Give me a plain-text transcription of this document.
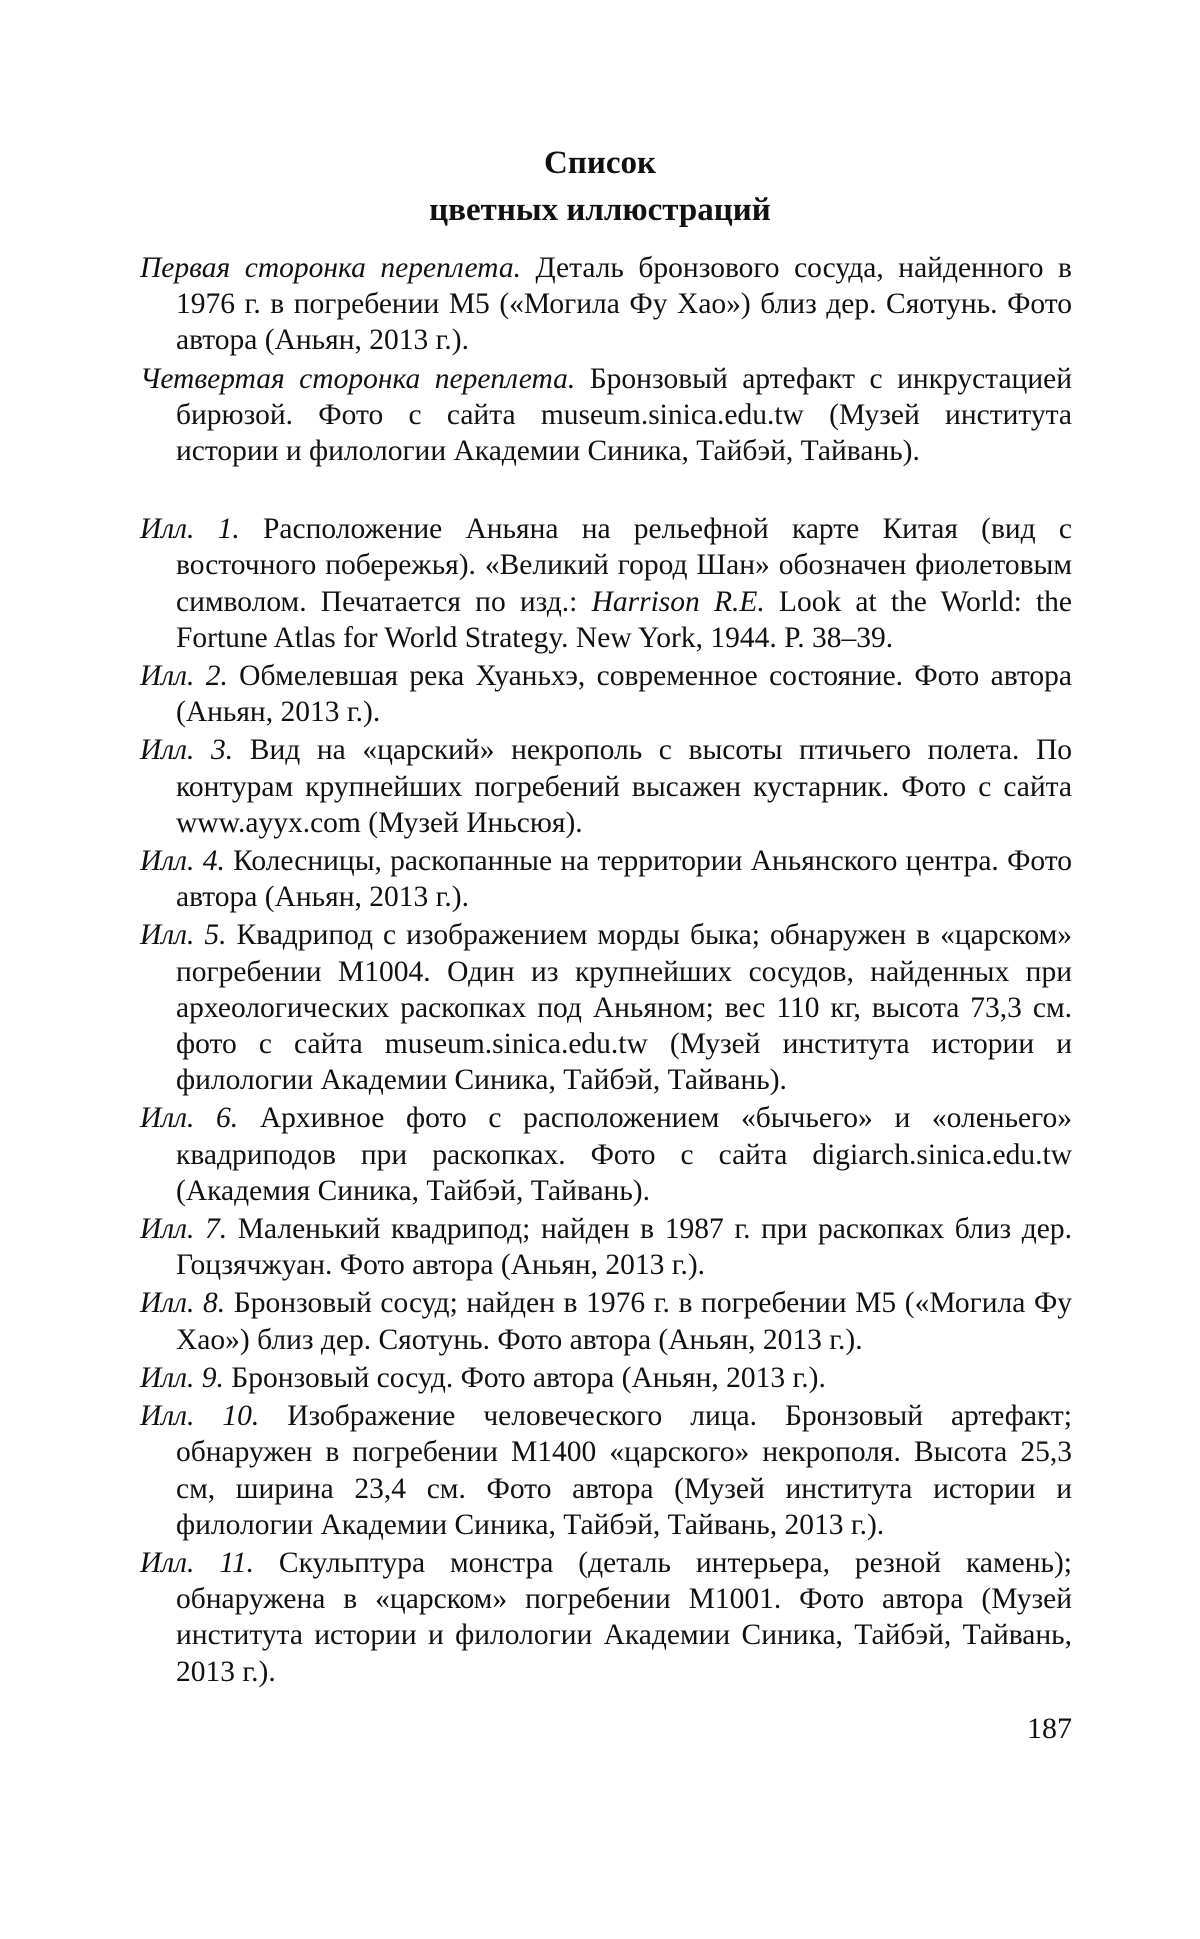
Список
цветных иллюстраций

Первая сторонка переплета. Деталь бронзового сосуда, найденного в 1976 г. в погребении M5 («Могила Фу Хао») близ дер. Сяотунь. Фото автора (Аньян, 2013 г.).

Четвертая сторонка переплета. Бронзовый артефакт с инкрустацией бирюзой. Фото с сайта museum.sinica.edu.tw (Музей института истории и филологии Академии Синика, Тайбэй, Тайвань).

Илл. 1. Расположение Аньяна на рельефной карте Китая (вид с восточного побережья). «Великий город Шан» обозначен фиолетовым символом. Печатается по изд.: Harrison R.E. Look at the World: the Fortune Atlas for World Strategy. New York, 1944. P. 38–39.

Илл. 2. Обмелевшая река Хуаньхэ, современное состояние. Фото автора (Аньян, 2013 г.).

Илл. 3. Вид на «царский» некрополь с высоты птичьего полета. По контурам крупнейших погребений высажен кустарник. Фото с сайта www.ayyx.com (Музей Иньсюя).

Илл. 4. Колесницы, раскопанные на территории Аньянского центра. Фото автора (Аньян, 2013 г.).

Илл. 5. Квадрипод с изображением морды быка; обнаружен в «царском» погребении M1004. Один из крупнейших сосудов, найденных при археологических раскопках под Аньяном; вес 110 кг, высота 73,3 см. фото с сайта museum.sinica.edu.tw (Музей института истории и филологии Академии Синика, Тайбэй, Тайвань).

Илл. 6. Архивное фото с расположением «бычьего» и «оленьего» квадриподов при раскопках. Фото с сайта digiarch.sinica.edu.tw (Академия Синика, Тайбэй, Тайвань).

Илл. 7. Маленький квадрипод; найден в 1987 г. при раскопках близ дер. Гоцзячжуан. Фото автора (Аньян, 2013 г.).

Илл. 8. Бронзовый сосуд; найден в 1976 г. в погребении M5 («Могила Фу Хао») близ дер. Сяотунь. Фото автора (Аньян, 2013 г.).

Илл. 9. Бронзовый сосуд. Фото автора (Аньян, 2013 г.).

Илл. 10. Изображение человеческого лица. Бронзовый артефакт; обнаружен в погребении M1400 «царского» некрополя. Высота 25,3 см, ширина 23,4 см. Фото автора (Музей института истории и филологии Академии Синика, Тайбэй, Тайвань, 2013 г.).

Илл. 11. Скульптура монстра (деталь интерьера, резной камень); обнаружена в «царском» погребении M1001. Фото автора (Музей института истории и филологии Академии Синика, Тайбэй, Тайвань, 2013 г.).

187
